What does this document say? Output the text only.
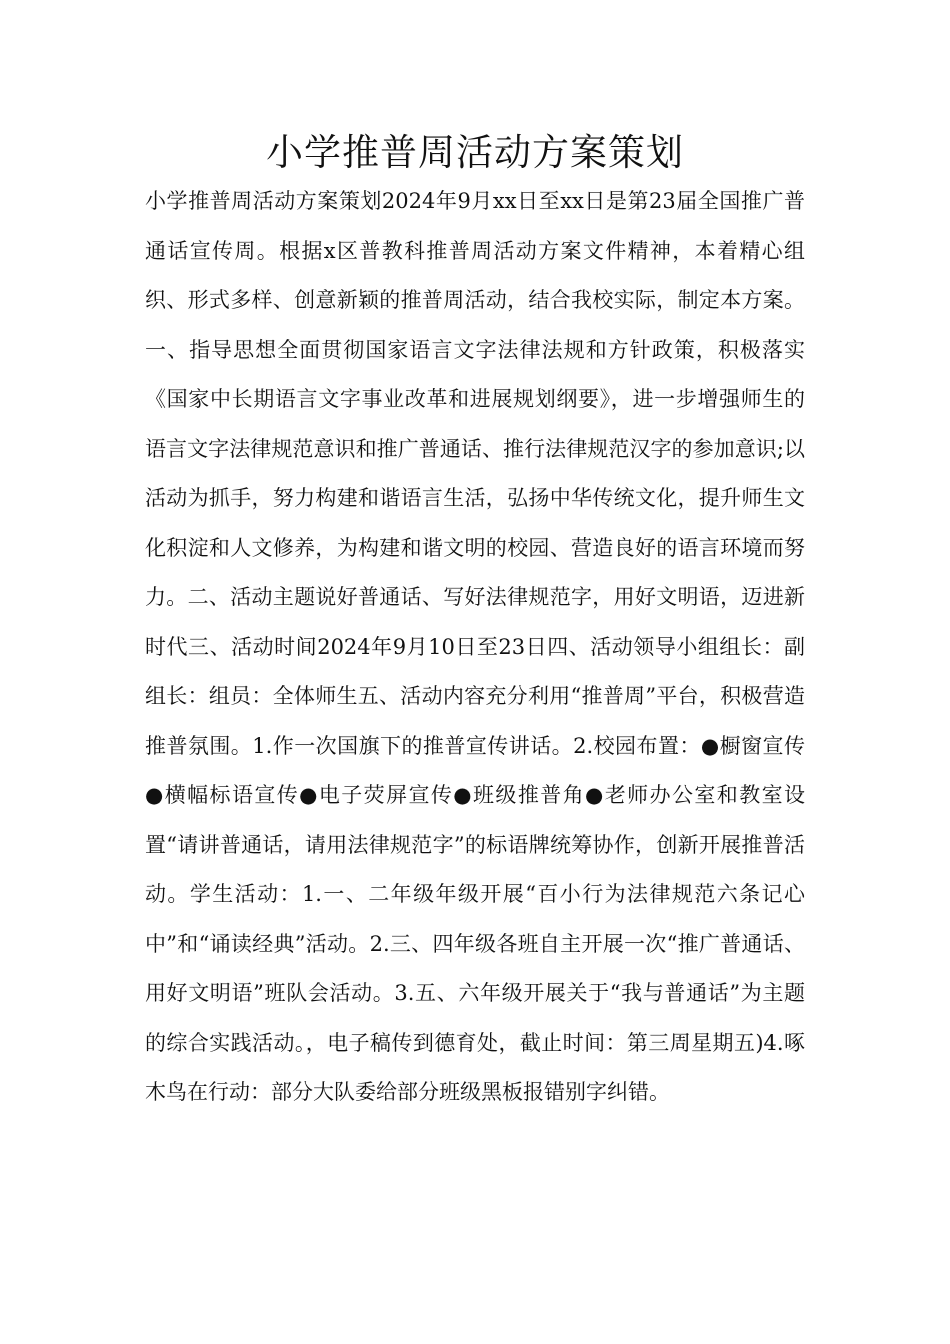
小学推普周活动方案策划

小学推普周活动方案策划2024年9月xx日至xx日是第23届全国推广普通话宣传周。根据x区普教科推普周活动方案文件精神，本着精心组织、形式多样、创意新颖的推普周活动，结合我校实际，制定本方案。一、指导思想全面贯彻国家语言文字法律法规和方针政策，积极落实《国家中长期语言文字事业改革和进展规划纲要》，进一步增强师生的语言文字法律规范意识和推广普通话、推行法律规范汉字的参加意识;以活动为抓手，努力构建和谐语言生活，弘扬中华传统文化，提升师生文化积淀和人文修养，为构建和谐文明的校园、营造良好的语言环境而努力。二、活动主题说好普通话、写好法律规范字，用好文明语，迈进新时代三、活动时间2024年9月10日至23日四、活动领导小组组长：副组长：组员：全体师生五、活动内容充分利用“推普周”平台，积极营造推普氛围。1.作一次国旗下的推普宣传讲话。2.校园布置：●橱窗宣传●横幅标语宣传●电子荧屏宣传●班级推普角●老师办公室和教室设置“请讲普通话，请用法律规范字”的标语牌统筹协作，创新开展推普活动。学生活动：1.一、二年级年级开展“百小行为法律规范六条记心中”和“诵读经典”活动。2.三、四年级各班自主开展一次“推广普通话、用好文明语”班队会活动。3.五、六年级开展关于“我与普通话”为主题的综合实践活动。，电子稿传到德育处，截止时间：第三周星期五)4.啄木鸟在行动：部分大队委给部分班级黑板报错别字纠错。
